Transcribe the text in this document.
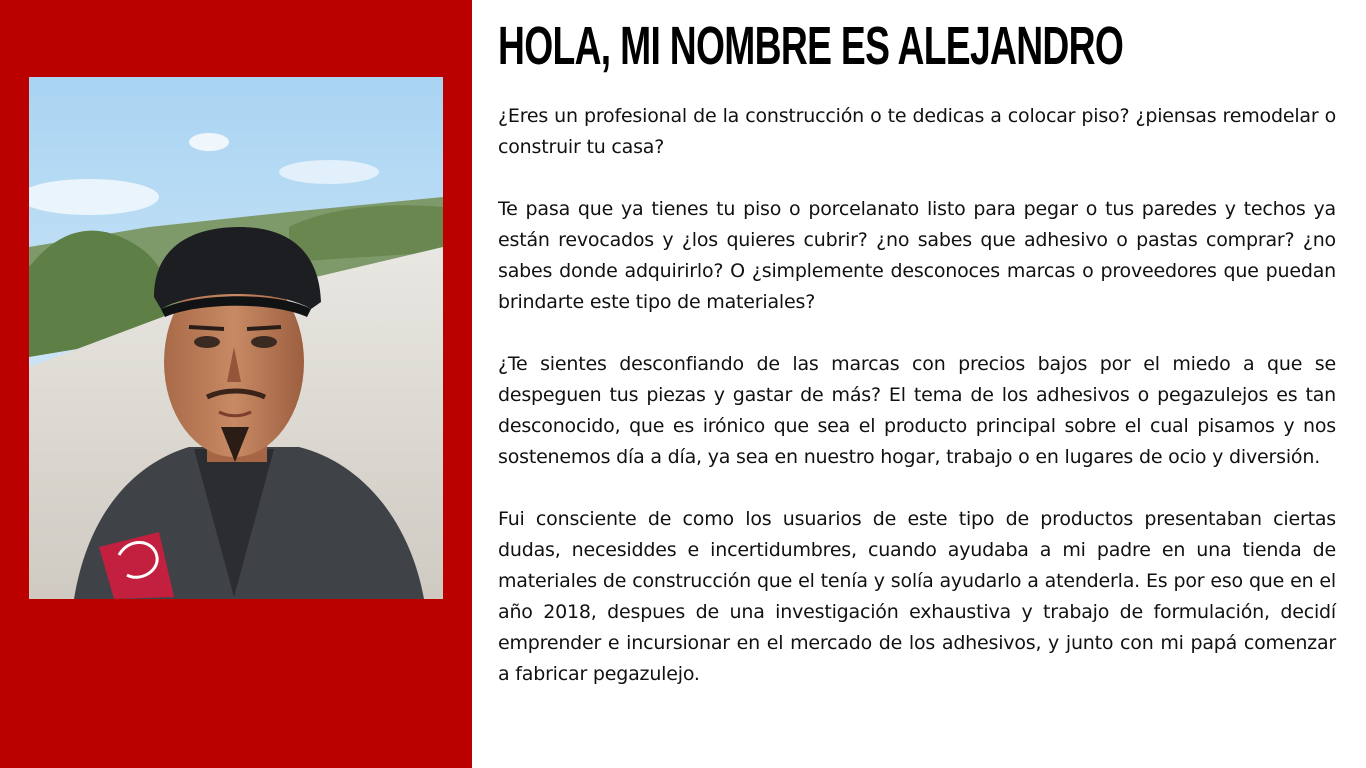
HOLA, MI NOMBRE ES ALEJANDRO

¿Eres un profesional de la construcción o te dedicas a colocar piso? ¿piensas remodelar o construir tu casa?

Te pasa que ya tienes tu piso o porcelanato listo para pegar o tus paredes y techos ya están revocados y ¿los quieres cubrir? ¿no sabes que adhesivo o pastas comprar? ¿no sabes donde adquirirlo? O ¿simplemente desconoces marcas o proveedores que puedan brindarte este tipo de materiales?

¿Te sientes desconfiando de las marcas con precios bajos por el miedo a que se despeguen tus piezas y gastar de más? El tema de los adhesivos o pegazulejos es tan desconocido, que es irónico que sea el producto principal sobre el cual pisamos y nos sostenemos día a día, ya sea en nuestro hogar, trabajo o en lugares de ocio y diversión.

Fui consciente de como los usuarios de este tipo de productos presentaban ciertas dudas, necesiddes e incertidumbres, cuando ayudaba a mi padre en una tienda de materiales de construcción que el tenía y solía ayudarlo a atenderla. Es por eso que en el año 2018, despues de una investigación exhaustiva y trabajo de formulación, decidí emprender e incursionar en el mercado de los adhesivos, y junto con mi papá comenzar a fabricar pegazulejo.
